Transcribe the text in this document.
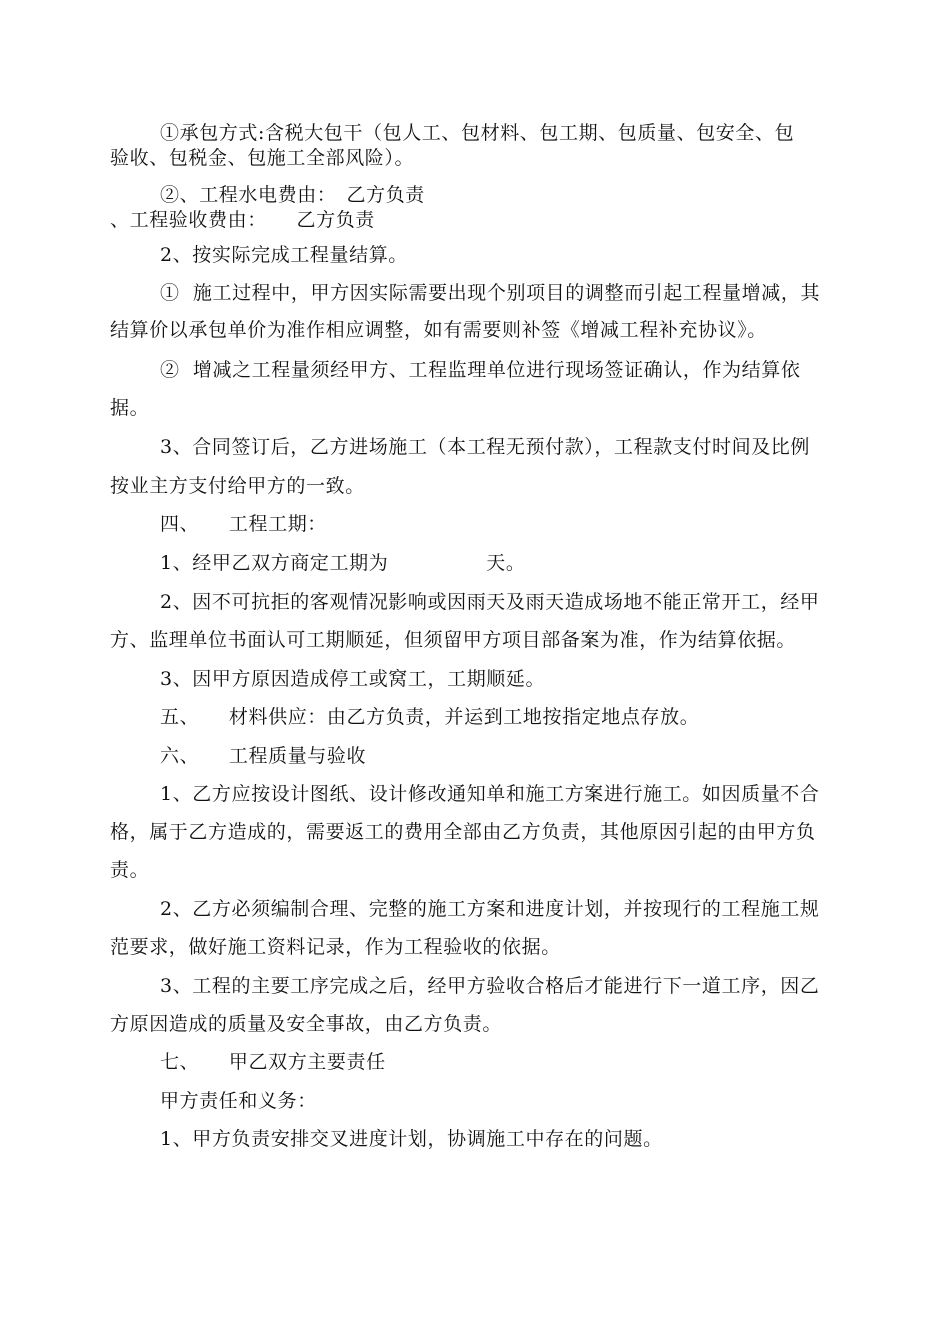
①承包方式:含税大包干（包人工、包材料、包工期、包质量、包安全、包
验收、包税金、包施工全部风险）。
②、工程水电费由：　乙方负责
、工程验收费由：　　乙方负责
2、按实际完成工程量结算。
①  施工过程中，甲方因实际需要出现个别项目的调整而引起工程量增减，其
结算价以承包单价为准作相应调整，如有需要则补签《增减工程补充协议》。
②  增减之工程量须经甲方、工程监理单位进行现场签证确认，作为结算依
据。
3、合同签订后，乙方进场施工（本工程无预付款），工程款支付时间及比例
按业主方支付给甲方的一致。
四、　　工程工期：
1、经甲乙双方商定工期为　　　　　天。
2、因不可抗拒的客观情况影响或因雨天及雨天造成场地不能正常开工，经甲
方、监理单位书面认可工期顺延，但须留甲方项目部备案为准，作为结算依据。
3、因甲方原因造成停工或窝工，工期顺延。
五、　　材料供应：由乙方负责，并运到工地按指定地点存放。
六、　　工程质量与验收
1、乙方应按设计图纸、设计修改通知单和施工方案进行施工。如因质量不合
格，属于乙方造成的，需要返工的费用全部由乙方负责，其他原因引起的由甲方负
责。
2、乙方必须编制合理、完整的施工方案和进度计划，并按现行的工程施工规
范要求，做好施工资料记录，作为工程验收的依据。
3、工程的主要工序完成之后，经甲方验收合格后才能进行下一道工序，因乙
方原因造成的质量及安全事故，由乙方负责。
七、　　甲乙双方主要责任
甲方责任和义务：
1、甲方负责安排交叉进度计划，协调施工中存在的问题。
